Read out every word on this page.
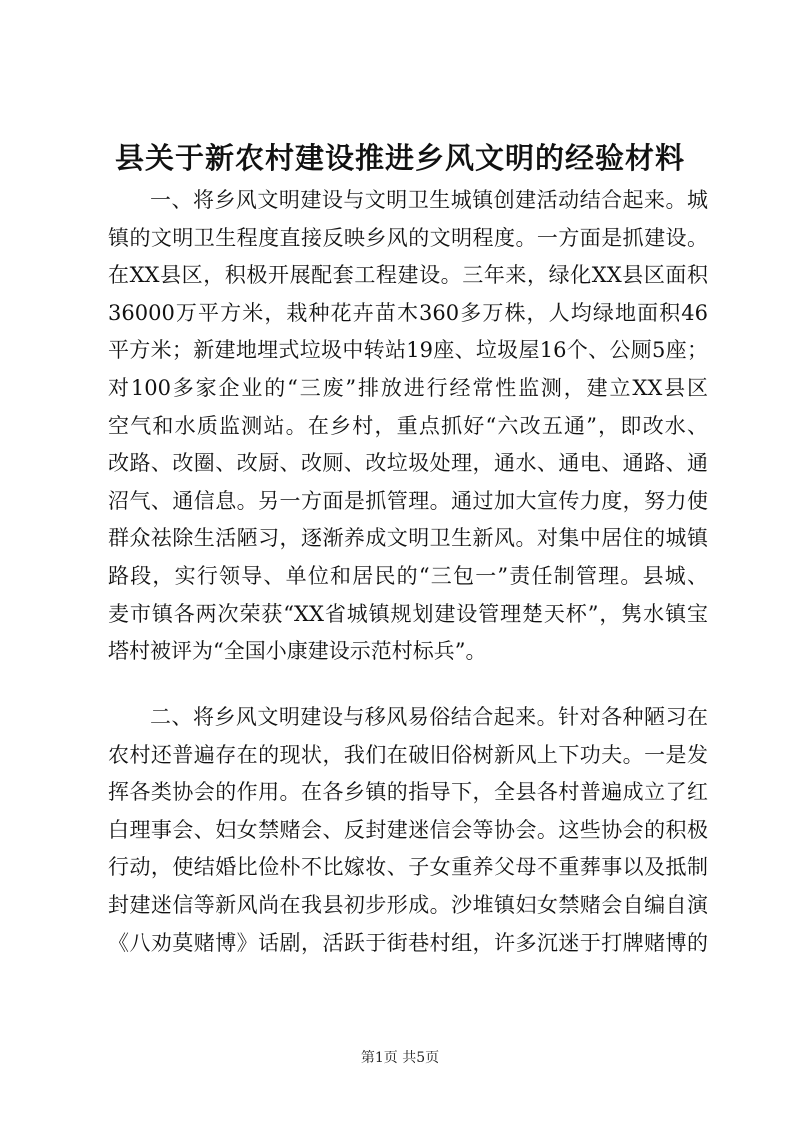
县关于新农村建设推进乡风文明的经验材料
一、将乡风文明建设与文明卫生城镇创建活动结合起来。城
镇的文明卫生程度直接反映乡风的文明程度。一方面是抓建设。
在XX县区，积极开展配套工程建设。三年来，绿化XX县区面积
36000万平方米，栽种花卉苗木360多万株，人均绿地面积46
平方米；新建地埋式垃圾中转站19座、垃圾屋16个、公厕5座；
对100多家企业的“三废”排放进行经常性监测，建立XX县区
空气和水质监测站。在乡村，重点抓好“六改五通”，即改水、
改路、改圈、改厨、改厕、改垃圾处理，通水、通电、通路、通
沼气、通信息。另一方面是抓管理。通过加大宣传力度，努力使
群众祛除生活陋习，逐渐养成文明卫生新风。对集中居住的城镇
路段，实行领导、单位和居民的“三包一”责任制管理。县城、
麦市镇各两次荣获“XX省城镇规划建设管理楚天杯”，隽水镇宝
塔村被评为“全国小康建设示范村标兵”。
二、将乡风文明建设与移风易俗结合起来。针对各种陋习在
农村还普遍存在的现状，我们在破旧俗树新风上下功夫。一是发
挥各类协会的作用。在各乡镇的指导下，全县各村普遍成立了红
白理事会、妇女禁赌会、反封建迷信会等协会。这些协会的积极
行动，使结婚比俭朴不比嫁妆、子女重养父母不重葬事以及抵制
封建迷信等新风尚在我县初步形成。沙堆镇妇女禁赌会自编自演
《八劝莫赌博》话剧，活跃于街巷村组，许多沉迷于打牌赌博的
第1页 共5页
